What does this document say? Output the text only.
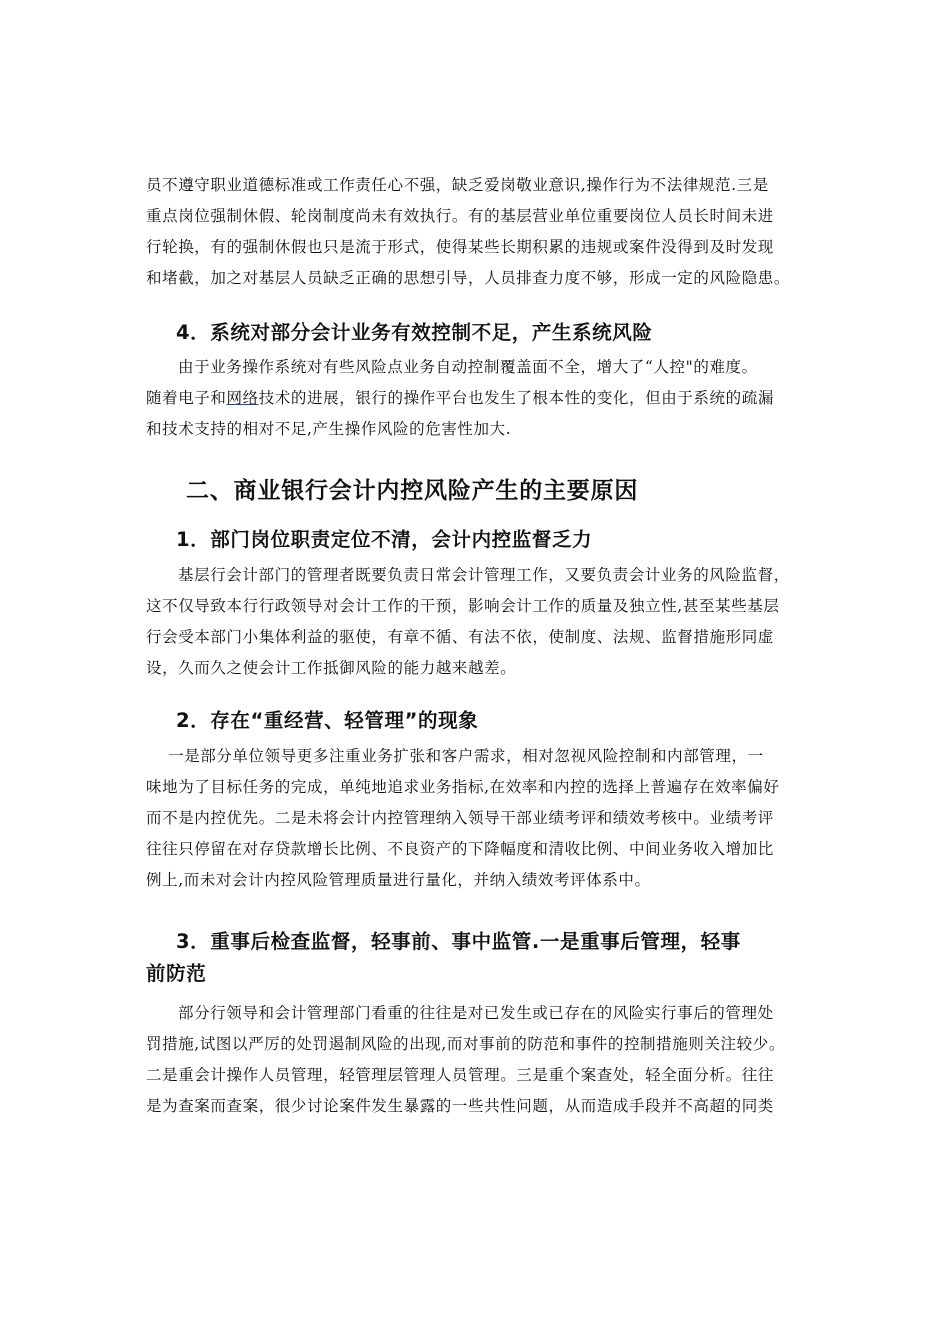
员不遵守职业道德标准或工作责任心不强，缺乏爱岗敬业意识,操作行为不法律规范.三是
重点岗位强制休假、轮岗制度尚未有效执行。有的基层营业单位重要岗位人员长时间未进
行轮换，有的强制休假也只是流于形式，使得某些长期积累的违规或案件没得到及时发现
和堵截，加之对基层人员缺乏正确的思想引导，人员排查力度不够，形成一定的风险隐患。
4．系统对部分会计业务有效控制不足，产生系统风险
由于业务操作系统对有些风险点业务自动控制覆盖面不全，增大了“人控"的难度。
随着电子和网络技术的进展，银行的操作平台也发生了根本性的变化，但由于系统的疏漏
和技术支持的相对不足,产生操作风险的危害性加大.
二、商业银行会计内控风险产生的主要原因
1．部门岗位职责定位不清，会计内控监督乏力
基层行会计部门的管理者既要负责日常会计管理工作，又要负责会计业务的风险监督，
这不仅导致本行行政领导对会计工作的干预，影响会计工作的质量及独立性,甚至某些基层
行会受本部门小集体利益的驱使，有章不循、有法不依，使制度、法规、监督措施形同虚
设，久而久之使会计工作抵御风险的能力越来越差。
2．存在“重经营、轻管理”的现象
一是部分单位领导更多注重业务扩张和客户需求，相对忽视风险控制和内部管理，一
味地为了目标任务的完成，单纯地追求业务指标,在效率和内控的选择上普遍存在效率偏好
而不是内控优先。二是未将会计内控管理纳入领导干部业绩考评和绩效考核中。业绩考评
往往只停留在对存贷款增长比例、不良资产的下降幅度和清收比例、中间业务收入增加比
例上,而未对会计内控风险管理质量进行量化，并纳入绩效考评体系中。
3．重事后检查监督，轻事前、事中监管.一是重事后管理，轻事
前防范
部分行领导和会计管理部门看重的往往是对已发生或已存在的风险实行事后的管理处
罚措施,试图以严厉的处罚遏制风险的出现,而对事前的防范和事件的控制措施则关注较少。
二是重会计操作人员管理，轻管理层管理人员管理。三是重个案查处，轻全面分析。往往
是为查案而查案，很少讨论案件发生暴露的一些共性问题，从而造成手段并不高超的同类
